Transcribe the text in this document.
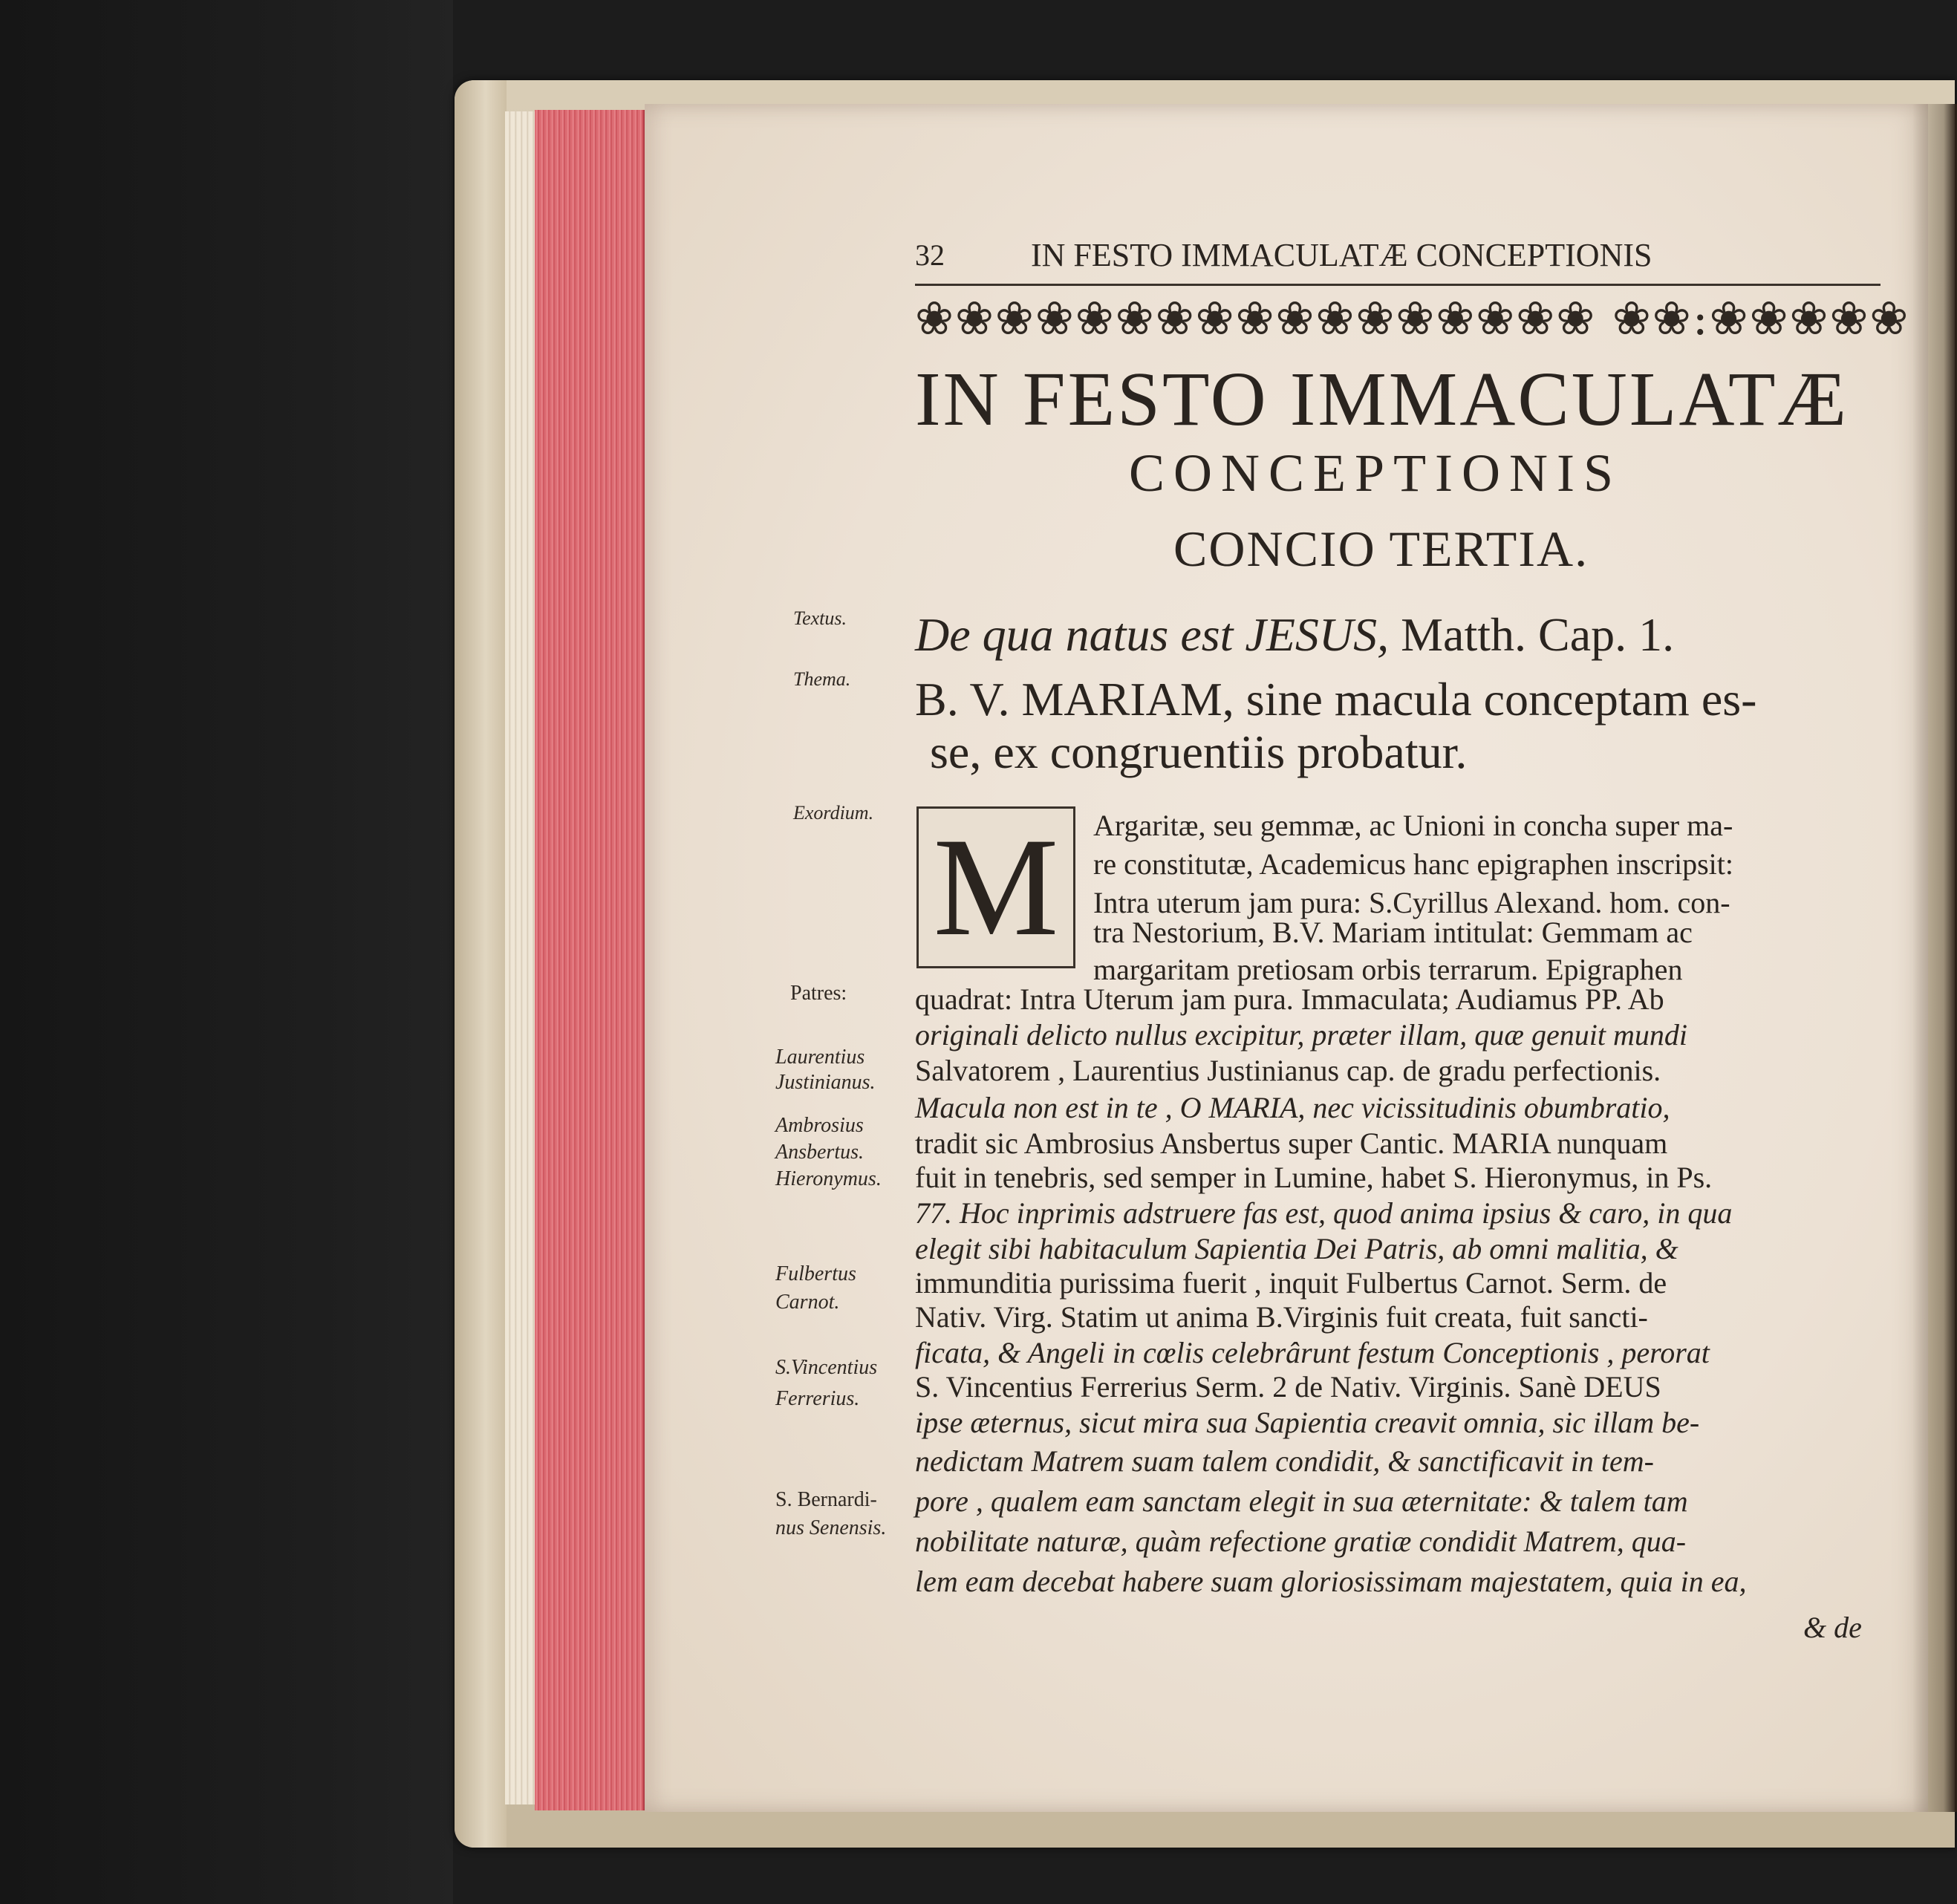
32	IN FESTO IMMACULATÆ CONCEPTIONIS
❀❀❀❀❀❀❀❀❀❀❀❀❀❀❀❀❀ ❀❀:❀❀❀❀❀
IN FESTO IMMACULATÆ
CONCEPTIONIS
CONCIO TERTIA.
Textus. De qua natus est JESUS, Matth. Cap. 1.
Thema. B. V. MARIAM, sine macula conceptam es-
se, ex congruentiis probatur.
Exordium. M
Patres:
Laurentius
Justinianus.
Ambrosius
Ansbertus.
Hieronymus.
Fulbertus
Carnot.
S.Vincentius
Ferrerius.
S. Bernardi-
nus Senensis.
Argaritæ, seu gemmæ, ac Unioni in concha super ma-
re constitutæ, Academicus hanc epigraphen inscripsit:
Intra uterum jam pura: S.Cyrillus Alexand. hom. con-
tra Nestorium, B.V. Mariam intitulat: Gemmam ac
margaritam pretiosam orbis terrarum. Epigraphen
quadrat: Intra Uterum jam pura. Immaculata; Audiamus PP. Ab
originali delicto nullus excipitur, præter illam, quæ genuit mundi
Salvatorem , Laurentius Justinianus cap. de gradu perfectionis.
Macula non est in te , O MARIA, nec vicissitudinis obumbratio,
tradit sic Ambrosius Ansbertus super Cantic. MARIA nunquam
fuit in tenebris, sed semper in Lumine, habet S. Hieronymus, in Ps.
77. Hoc inprimis adstruere fas est, quod anima ipsius & caro, in qua
elegit sibi habitaculum Sapientia Dei Patris, ab omni malitia, &
immunditia purissima fuerit , inquit Fulbertus Carnot. Serm. de
Nativ. Virg. Statim ut anima B.Virginis fuit creata, fuit sancti-
ficata, & Angeli in cœlis celebrârunt festum Conceptionis , perorat
S. Vincentius Ferrerius Serm. 2 de Nativ. Virginis. Sanè DEUS
ipse æternus, sicut mira sua Sapientia creavit omnia, sic illam be-
nedictam Matrem suam talem condidit, & sanctificavit in tem-
pore , qualem eam sanctam elegit in sua æternitate: & talem tam
nobilitate naturæ, quàm refectione gratiæ condidit Matrem, qua-
lem eam decebat habere suam gloriosissimam majestatem, quia in ea,
& de
